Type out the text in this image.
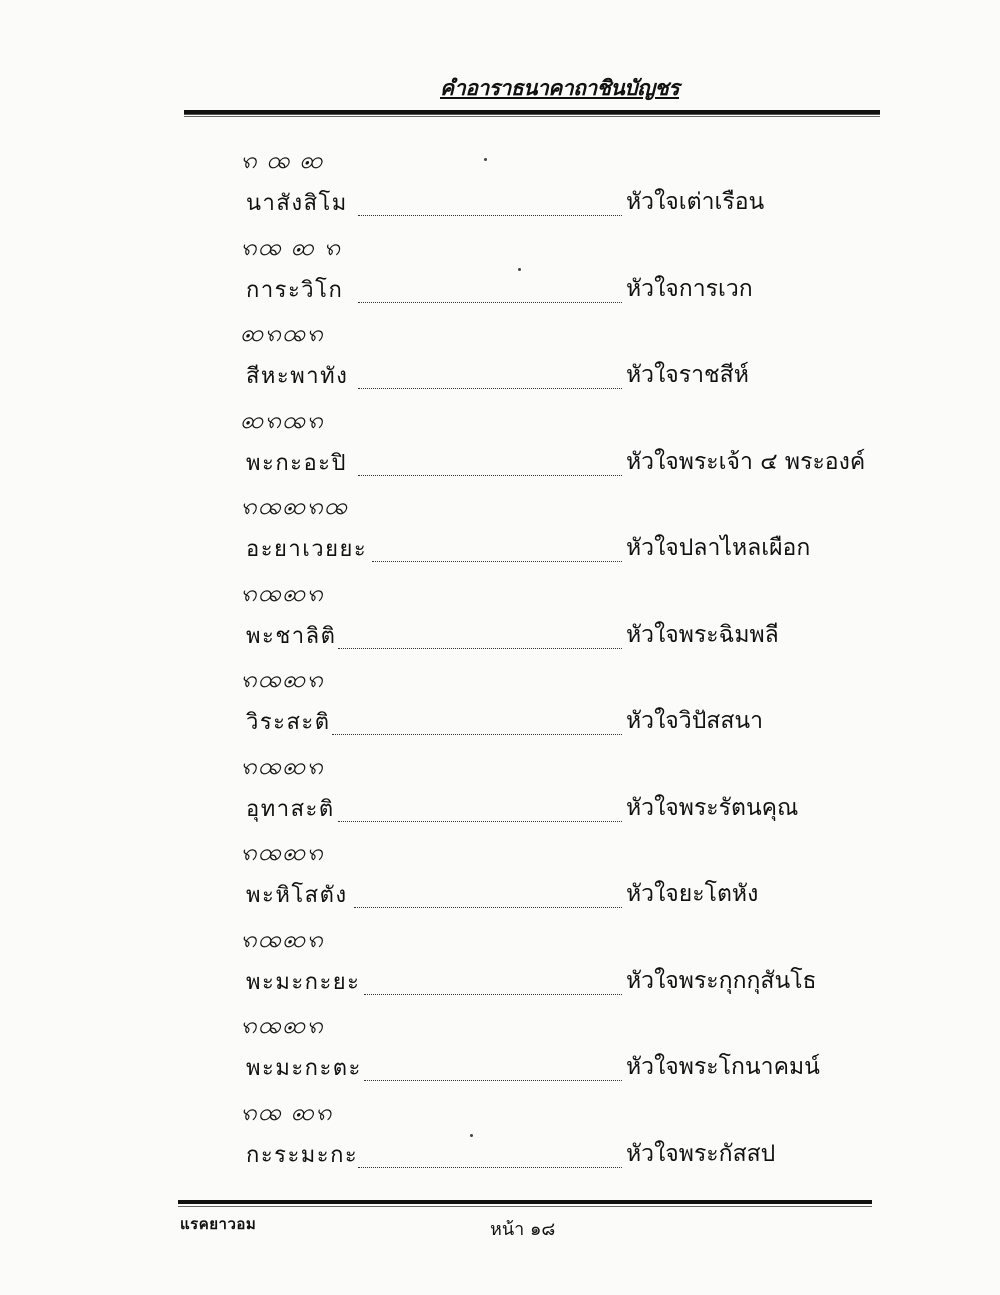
คำอาราธนาคาถาชินบัญชร
ꩫ ꩪ ꩧ
นาสังสิโม	หัวใจเต่าเรือน
ꩫꩪ ꩧ ꩫ
การะวิโก	หัวใจการเวก
ꩧꩫꩪꩫ
สีหะพาทัง	หัวใจราชสีห์
ꩧꩫꩪꩫ
พะกะอะปิ	หัวใจพระเจ้า ๔ พระองค์
ꩫꩪꩧꩫꩪ
อะยาเวยยะ	หัวใจปลาไหลเผือก
ꩫꩪꩧꩫ
พะชาลิติ	หัวใจพระฉิมพลี
ꩫꩪꩧꩫ
วิระสะติ	หัวใจวิปัสสนา
ꩫꩪꩧꩫ
อุทาสะติ	หัวใจพระรัตนคุณ
ꩫꩪꩧꩫ
พะหิโสตัง	หัวใจยะโตหัง
ꩫꩪꩧꩫ
พะมะกะยะ	หัวใจพระกุกกุสันโธ
ꩫꩪꩧꩫ
พะมะกะตะ	หัวใจพระโกนาคมน์
ꩫꩪ ꩧꩫ
กะระมะกะ	หัวใจพระกัสสป
แรคยาวอม	หน้า ๑๘
